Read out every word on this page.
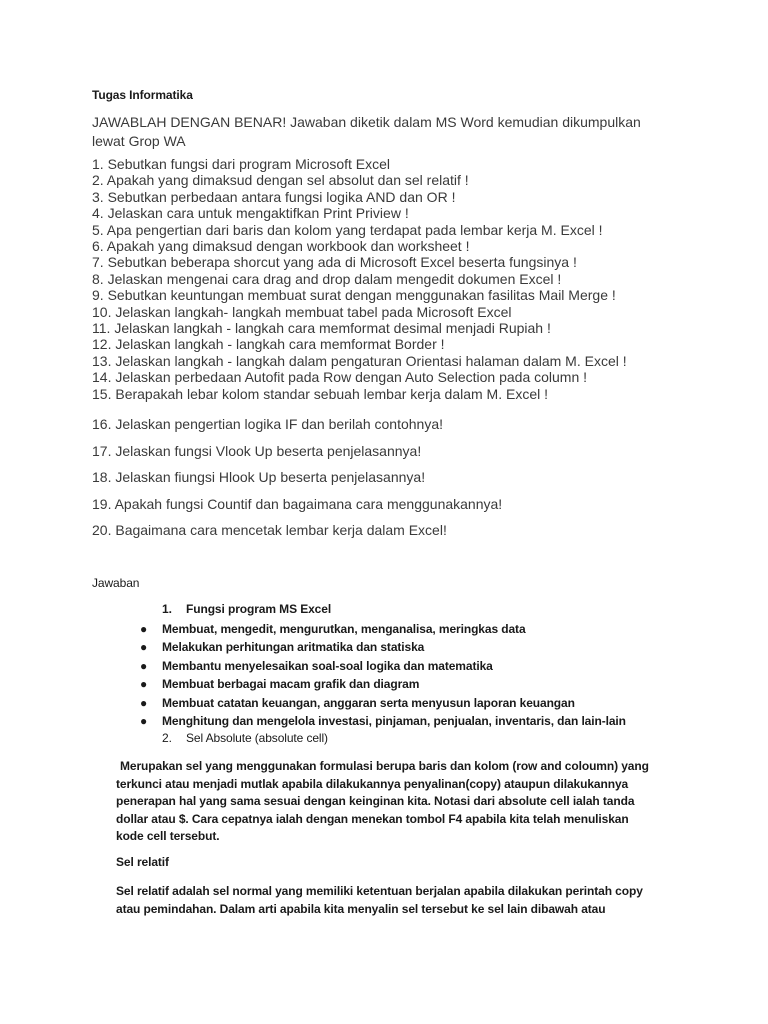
Tugas Informatika
JAWABLAH DENGAN BENAR! Jawaban diketik dalam MS Word kemudian dikumpulkan lewat Grop WA
1. Sebutkan fungsi dari program Microsoft Excel
2. Apakah yang dimaksud dengan sel absolut dan sel relatif !
3. Sebutkan perbedaan antara fungsi logika AND dan OR !
4. Jelaskan cara untuk mengaktifkan Print Priview !
5. Apa pengertian dari baris dan kolom yang terdapat pada lembar kerja M. Excel !
6. Apakah yang dimaksud dengan workbook dan worksheet !
7. Sebutkan beberapa shorcut yang ada di Microsoft Excel beserta fungsinya !
8. Jelaskan mengenai cara drag and drop dalam mengedit dokumen Excel !
9. Sebutkan keuntungan membuat surat dengan menggunakan fasilitas Mail Merge !
10. Jelaskan langkah- langkah membuat tabel pada Microsoft Excel
11. Jelaskan langkah - langkah cara memformat desimal menjadi Rupiah !
12. Jelaskan langkah - langkah cara memformat Border !
13. Jelaskan langkah - langkah dalam pengaturan Orientasi halaman dalam M. Excel !
14. Jelaskan perbedaan Autofit pada Row dengan Auto Selection pada column !
15. Berapakah lebar kolom standar sebuah lembar kerja dalam M. Excel !
16. Jelaskan pengertian logika IF dan berilah contohnya!
17. Jelaskan fungsi Vlook Up beserta penjelasannya!
18. Jelaskan fiungsi Hlook Up beserta penjelasannya!
19. Apakah fungsi Countif dan bagaimana cara menggunakannya!
20. Bagaimana cara mencetak lembar kerja dalam Excel!
Jawaban
1. Fungsi program MS Excel
● Membuat, mengedit, mengurutkan, menganalisa, meringkas data
● Melakukan perhitungan aritmatika dan statiska
● Membantu menyelesaikan soal-soal logika dan matematika
● Membuat berbagai macam grafik dan diagram
● Membuat catatan keuangan, anggaran serta menyusun laporan keuangan
● Menghitung dan mengelola investasi, pinjaman, penjualan, inventaris, dan lain-lain
2. Sel Absolute (absolute cell)
Merupakan sel yang menggunakan formulasi berupa baris dan kolom (row and coloumn) yang
terkunci atau menjadi mutlak apabila dilakukannya penyalinan(copy) ataupun dilakukannya
penerapan hal yang sama sesuai dengan keinginan kita. Notasi dari absolute cell ialah tanda
dollar atau $. Cara cepatnya ialah dengan menekan tombol F4 apabila kita telah menuliskan
kode cell tersebut.
Sel relatif
Sel relatif adalah sel normal yang memiliki ketentuan berjalan apabila dilakukan perintah copy
atau pemindahan. Dalam arti apabila kita menyalin sel tersebut ke sel lain dibawah atau
